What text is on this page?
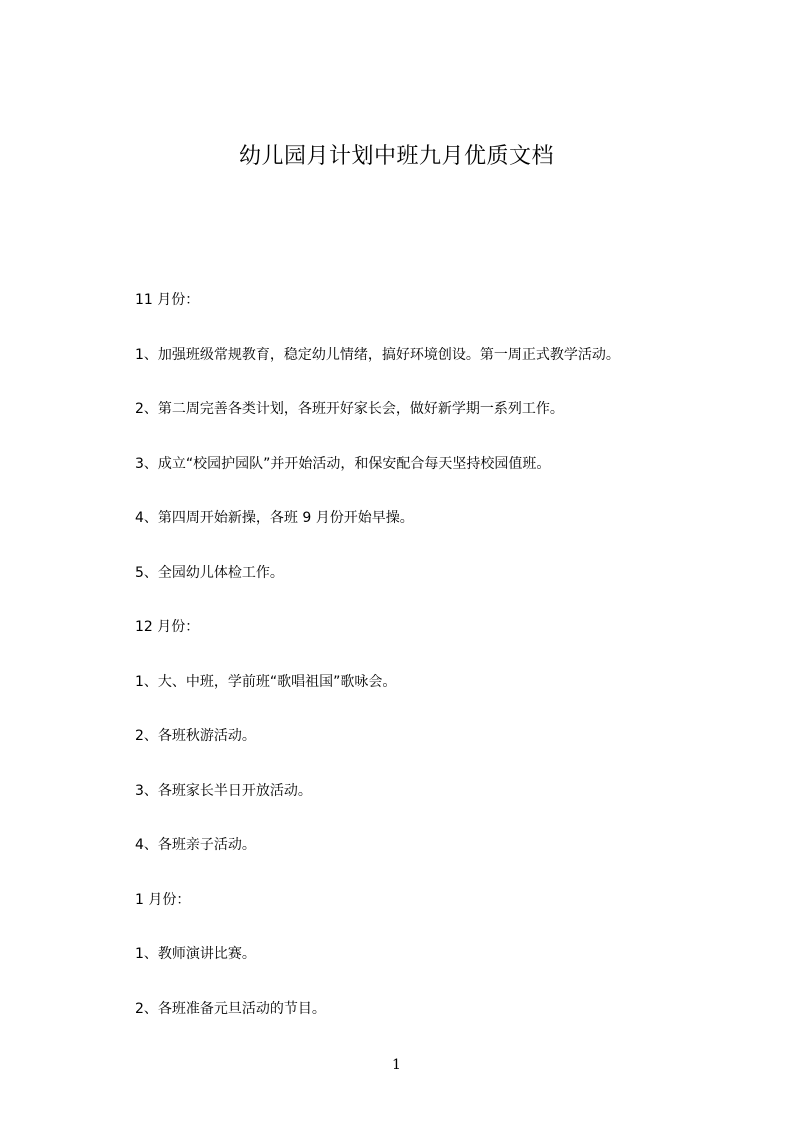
幼儿园月计划中班九月优质文档

11 月份：

1、加强班级常规教育，稳定幼儿情绪，搞好环境创设。第一周正式教学活动。

2、第二周完善各类计划，各班开好家长会，做好新学期一系列工作。

3、成立“校园护园队”并开始活动，和保安配合每天坚持校园值班。

4、第四周开始新操，各班 9 月份开始早操。

5、全园幼儿体检工作。

12 月份：

1、大、中班，学前班“歌唱祖国”歌咏会。

2、各班秋游活动。

3、各班家长半日开放活动。

4、各班亲子活动。

1 月份：

1、教师演讲比赛。

2、各班准备元旦活动的节目。

1
